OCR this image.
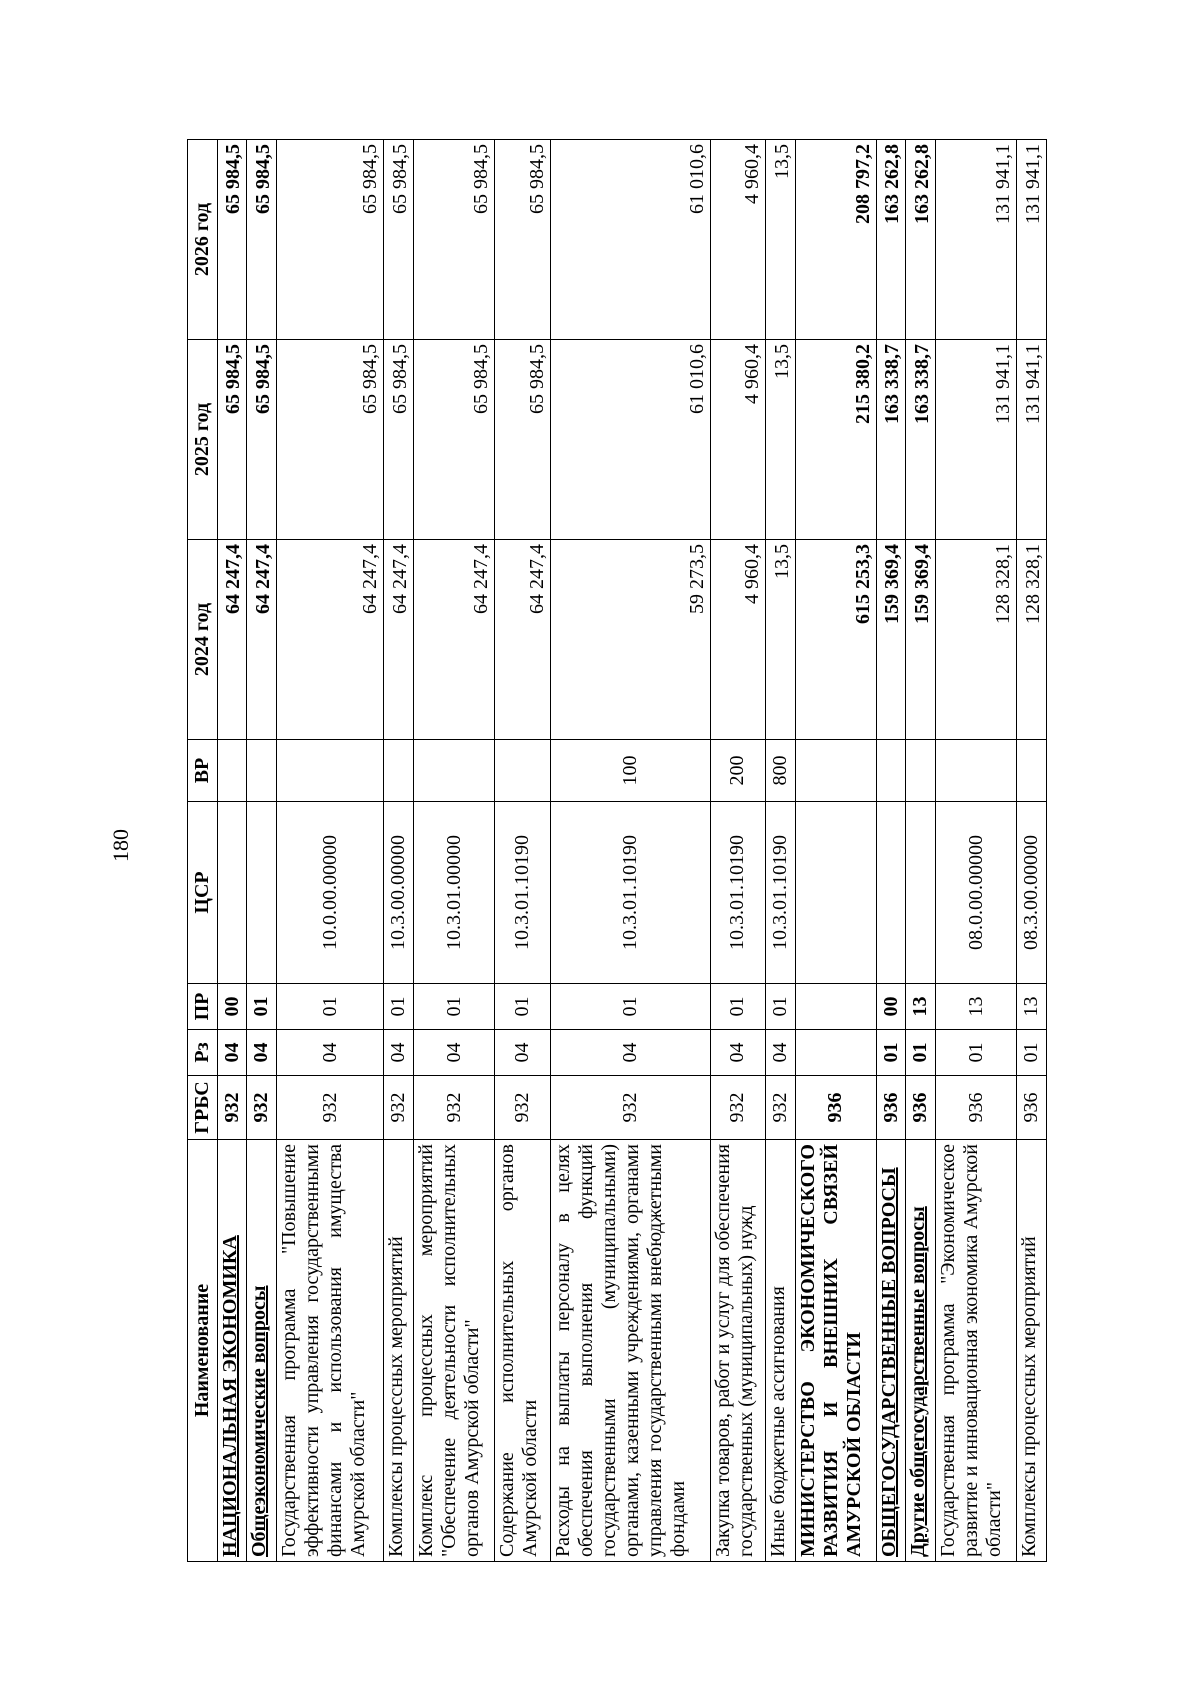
180
Наименование	ГРБС	Рз	ПР	ЦСР	ВР	2024 год	2025 год	2026 год
НАЦИОНАЛЬНАЯ ЭКОНОМИКА	932	04	00			64 247,4	65 984,5	65 984,5
Общеэкономические вопросы	932	04	01			64 247,4	65 984,5	65 984,5
Государственная программа "Повышение эффективности управления государственными финансами и использования имущества Амурской области"	932	04	01	10.0.00.00000		64 247,4	65 984,5	65 984,5
Комплексы процессных мероприятий	932	04	01	10.3.00.00000		64 247,4	65 984,5	65 984,5
Комплекс процессных мероприятий "Обеспечение деятельности исполнительных органов Амурской области"	932	04	01	10.3.01.00000		64 247,4	65 984,5	65 984,5
Содержание исполнительных органов Амурской области	932	04	01	10.3.01.10190		64 247,4	65 984,5	65 984,5
Расходы на выплаты персоналу в целях обеспечения выполнения функций государственными (муниципальными) органами, казенными учреждениями, органами управления государственными внебюджетными фондами	932	04	01	10.3.01.10190	100	59 273,5	61 010,6	61 010,6
Закупка товаров, работ и услуг для обеспечения государственных (муниципальных) нужд	932	04	01	10.3.01.10190	200	4 960,4	4 960,4	4 960,4
Иные бюджетные ассигнования	932	04	01	10.3.01.10190	800	13,5	13,5	13,5
МИНИСТЕРСТВО ЭКОНОМИЧЕСКОГО РАЗВИТИЯ И ВНЕШНИХ СВЯЗЕЙ АМУРСКОЙ ОБЛАСТИ	936					615 253,3	215 380,2	208 797,2
ОБЩЕГОСУДАРСТВЕННЫЕ ВОПРОСЫ	936	01	00			159 369,4	163 338,7	163 262,8
Другие общегосударственные вопросы	936	01	13			159 369,4	163 338,7	163 262,8
Государственная программа "Экономическое развитие и инновационная экономика Амурской области"	936	01	13	08.0.00.00000		128 328,1	131 941,1	131 941,1
Комплексы процессных мероприятий	936	01	13	08.3.00.00000		128 328,1	131 941,1	131 941,1
